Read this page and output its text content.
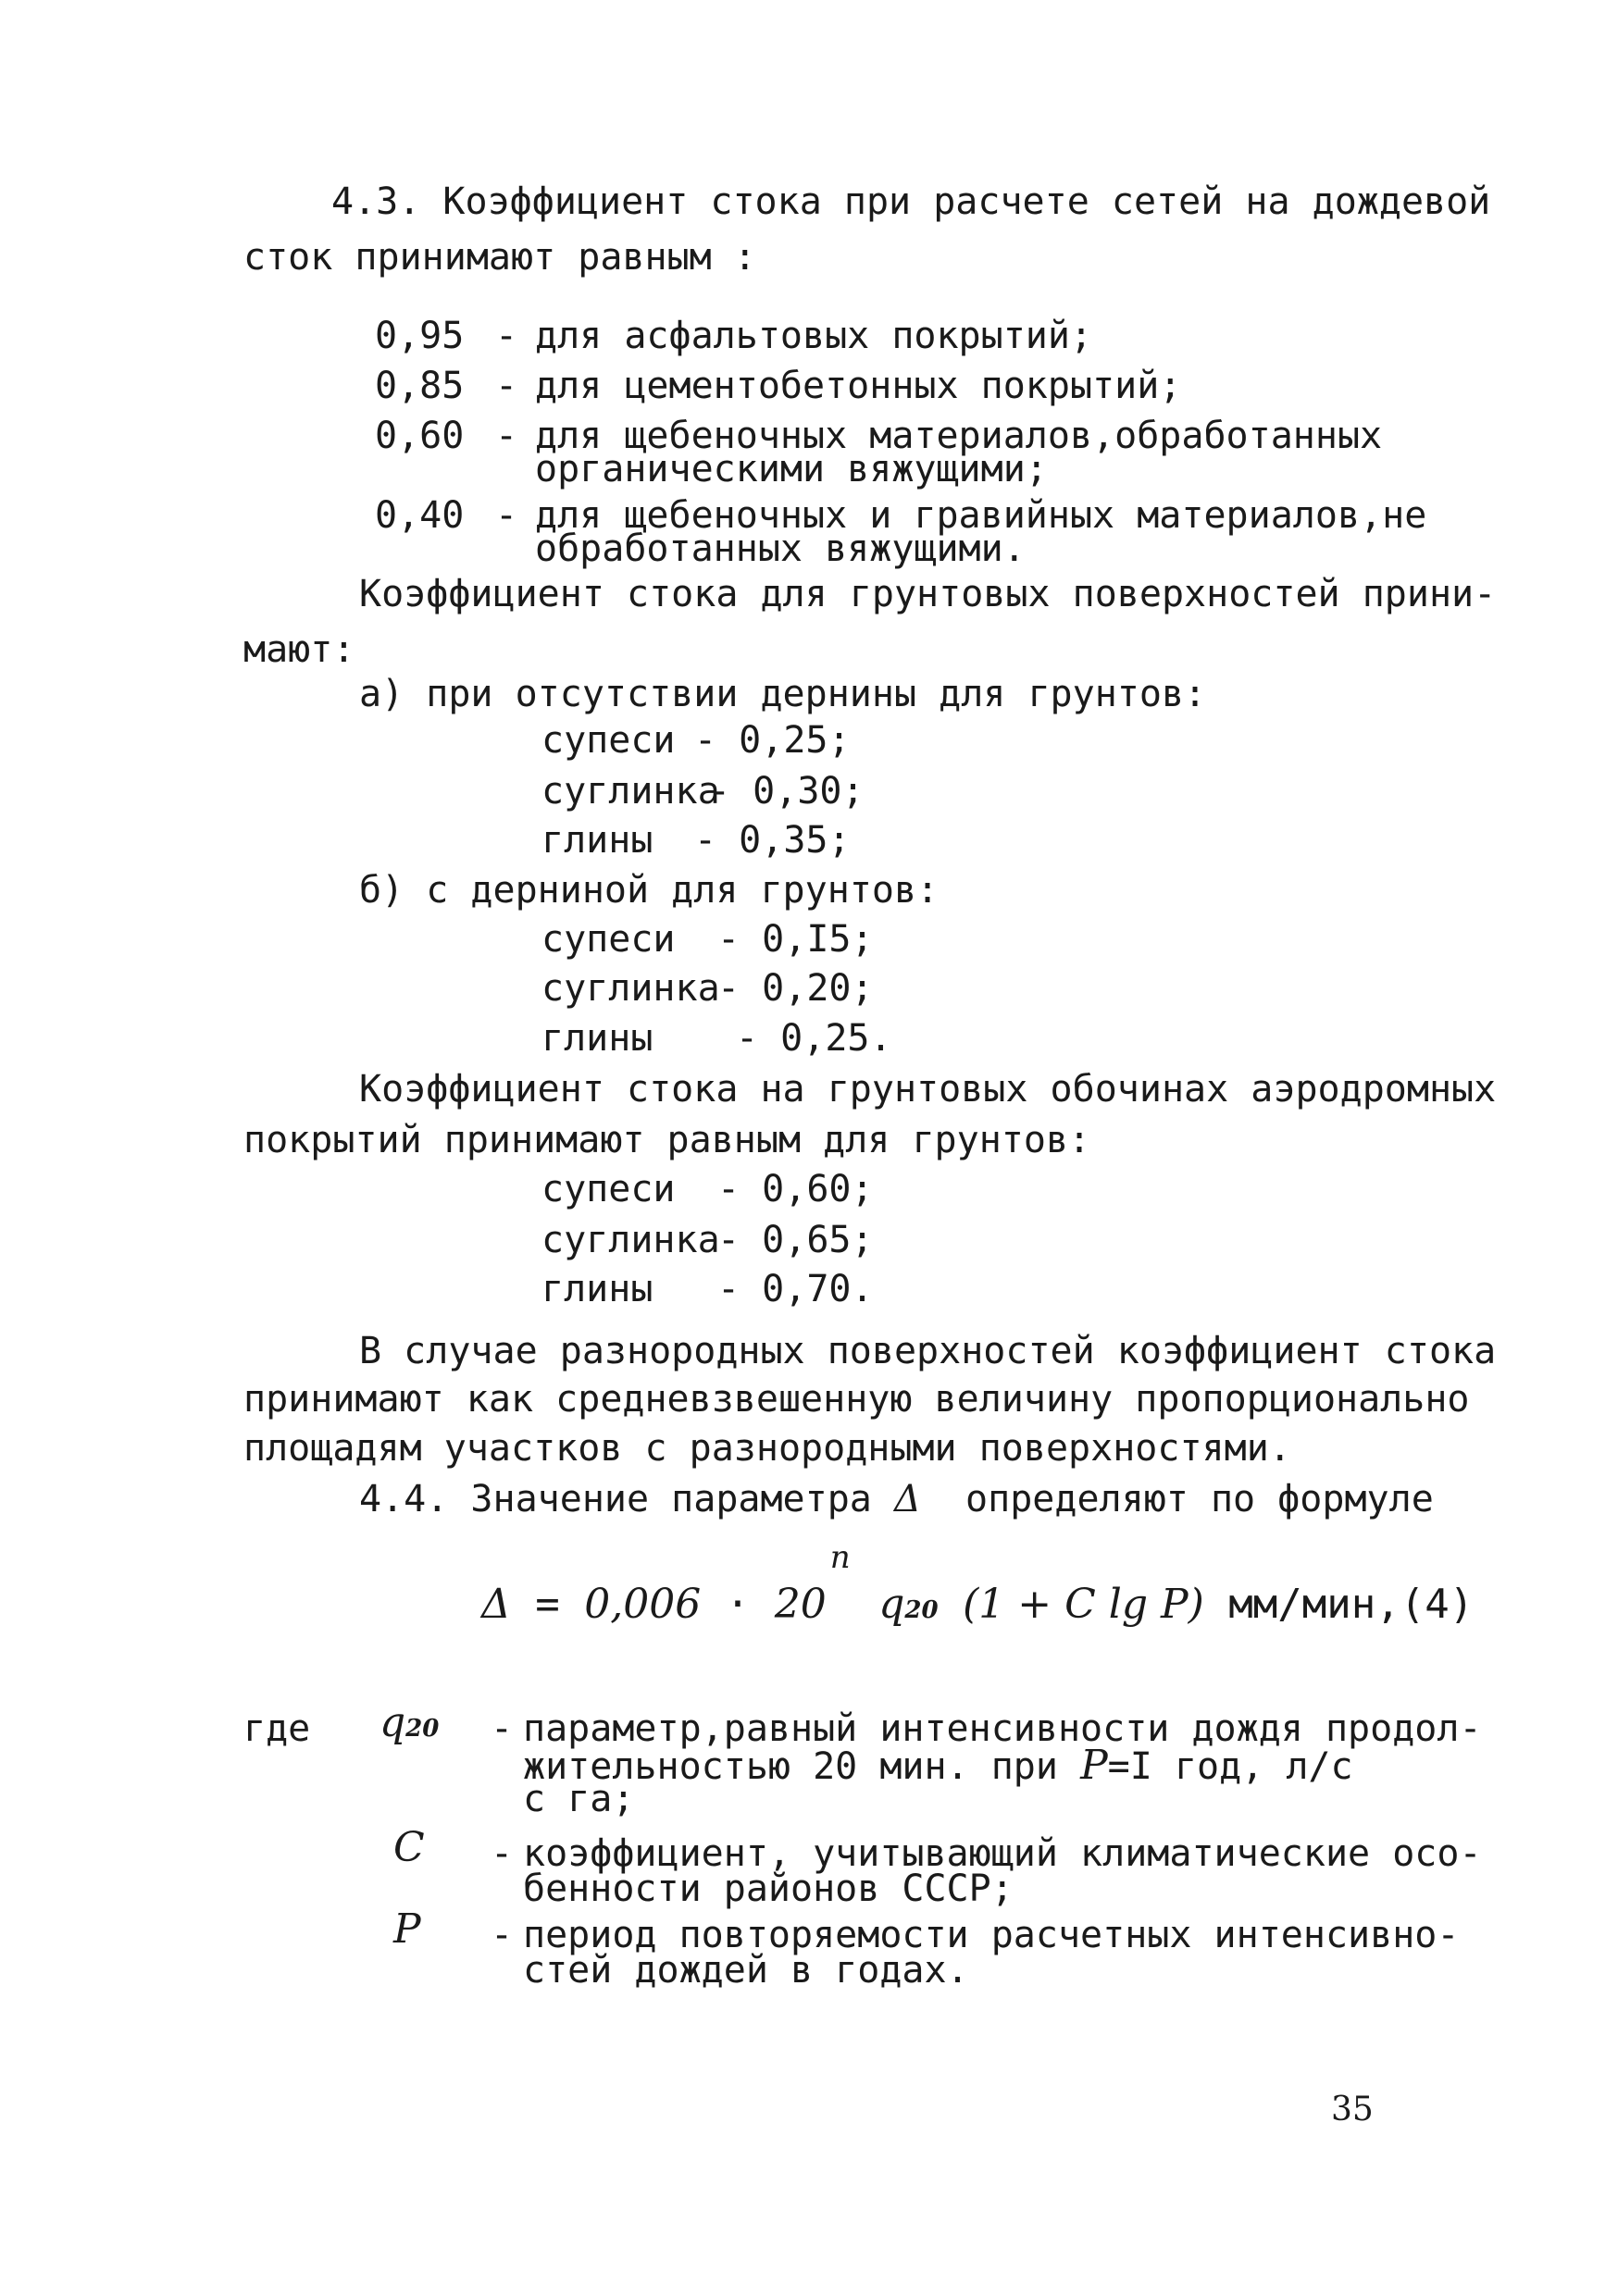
4.3. Коэффициент стока при расчете сетей на дождевой
сток принимают равным :
0,95 - для асфальтовых покрытий;
0,85 - для цементобетонных покрытий;
0,60 - для щебеночных материалов,обработанных
органическими вяжущими;
0,40 - для щебеночных и гравийных материалов,не
обработанных вяжущими.
Коэффициент стока для грунтовых поверхностей прини-
мают:
а) при отсутствии дернины для грунтов:
супеси - 0,25;
суглинка
- 0,30;
глины - 0,35;
б) с дерниной для грунтов:
супеси - 0,I5;
суглинка
- 0,20;
глины - 0,25.
Коэффициент стока на грунтовых обочинах аэродромных
покрытий принимают равным для грунтов:
супеси - 0,60;
суглинка
- 0,65;
глины - 0,70.
В случае разнородных поверхностей коэффициент стока
принимают как средневзвешенную величину пропорционально
площадям участков с разнородными поверхностями.
4.4. Значение параметра Δ определяют по формуле
Δ = 0,006 · 20
n
q20 (1 + C lg P) мм/мин,(4)
где q20 - параметр,равный интенсивности дождя продол-
жительностью 20 мин. при P=I год, л/с
с га;
C - коэффициент, учитывающий климатические осо-
бенности районов СССР;
P - период повторяемости расчетных интенсивно-
стей дождей в годах.
35
